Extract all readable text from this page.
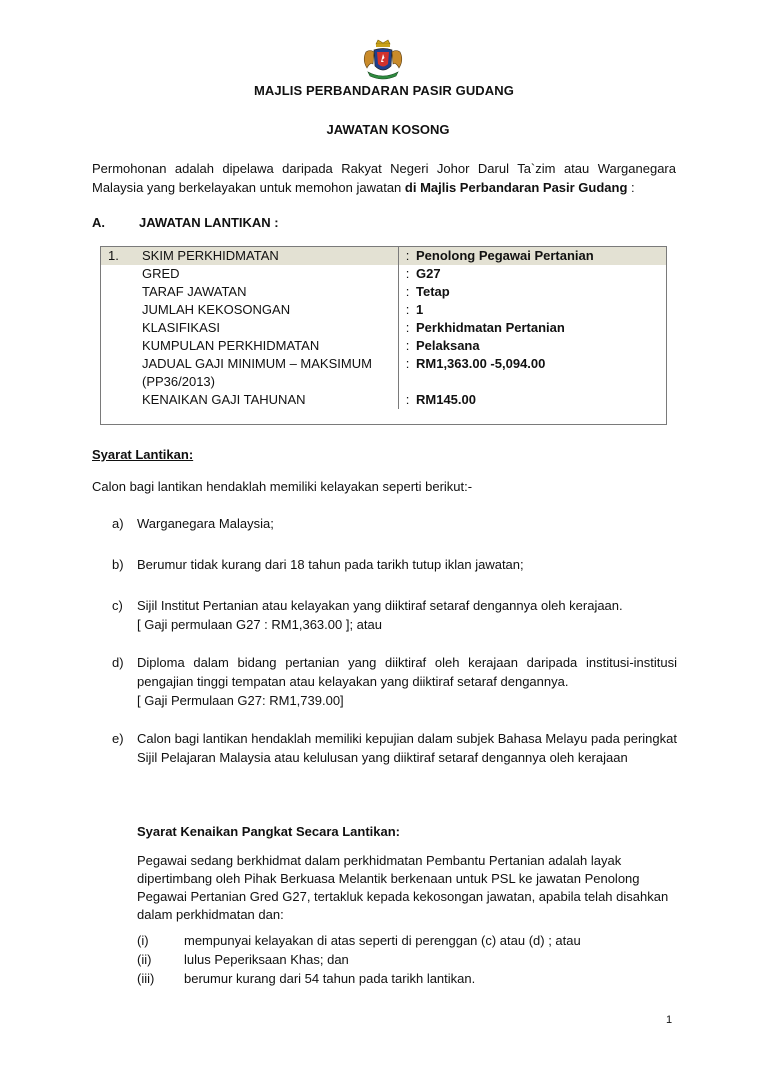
MAJLIS PERBANDARAN PASIR GUDANG
JAWATAN KOSONG
Permohonan adalah dipelawa daripada Rakyat Negeri Johor Darul Ta`zim atau Warganegara Malaysia yang berkelayakan untuk memohon jawatan di Majlis Perbandaran Pasir Gudang :
A.	JAWATAN LANTIKAN :
1.	SKIM PERKHIDMATAN	:	Penolong Pegawai Pertanian
	GRED	:	G27
	TARAF JAWATAN	:	Tetap
	JUMLAH KEKOSONGAN	:	1
	KLASIFIKASI	:	Perkhidmatan Pertanian
	KUMPULAN PERKHIDMATAN	:	Pelaksana
	JADUAL GAJI MINIMUM – MAKSIMUM (PP36/2013)	:	RM1,363.00 -5,094.00
	KENAIKAN GAJI TAHUNAN	:	RM145.00
Syarat Lantikan:
Calon bagi lantikan hendaklah memiliki kelayakan seperti berikut:-
a) Warganegara Malaysia;
b) Berumur tidak kurang dari 18 tahun pada tarikh tutup iklan jawatan;
c) Sijil Institut Pertanian atau kelayakan yang diiktiraf setaraf dengannya oleh kerajaan.
[ Gaji permulaan G27 : RM1,363.00 ]; atau
d) Diploma dalam bidang pertanian yang diiktiraf oleh kerajaan daripada institusi-institusi pengajian tinggi tempatan atau kelayakan yang diiktiraf setaraf dengannya.
[ Gaji Permulaan G27: RM1,739.00]
e) Calon bagi lantikan hendaklah memiliki kepujian dalam subjek Bahasa Melayu pada peringkat Sijil Pelajaran Malaysia atau kelulusan yang diiktiraf setaraf dengannya oleh kerajaan
Syarat Kenaikan Pangkat Secara Lantikan:
Pegawai sedang berkhidmat dalam perkhidmatan Pembantu Pertanian adalah layak dipertimbang oleh Pihak Berkuasa Melantik berkenaan untuk PSL ke jawatan Penolong Pegawai Pertanian Gred G27, tertakluk kepada kekosongan jawatan, apabila telah disahkan dalam perkhidmatan dan:
(i)	mempunyai kelayakan di atas seperti di perenggan (c) atau (d) ; atau
(ii)	lulus Peperiksaan Khas; dan
(iii) berumur kurang dari 54 tahun pada tarikh lantikan.
1
